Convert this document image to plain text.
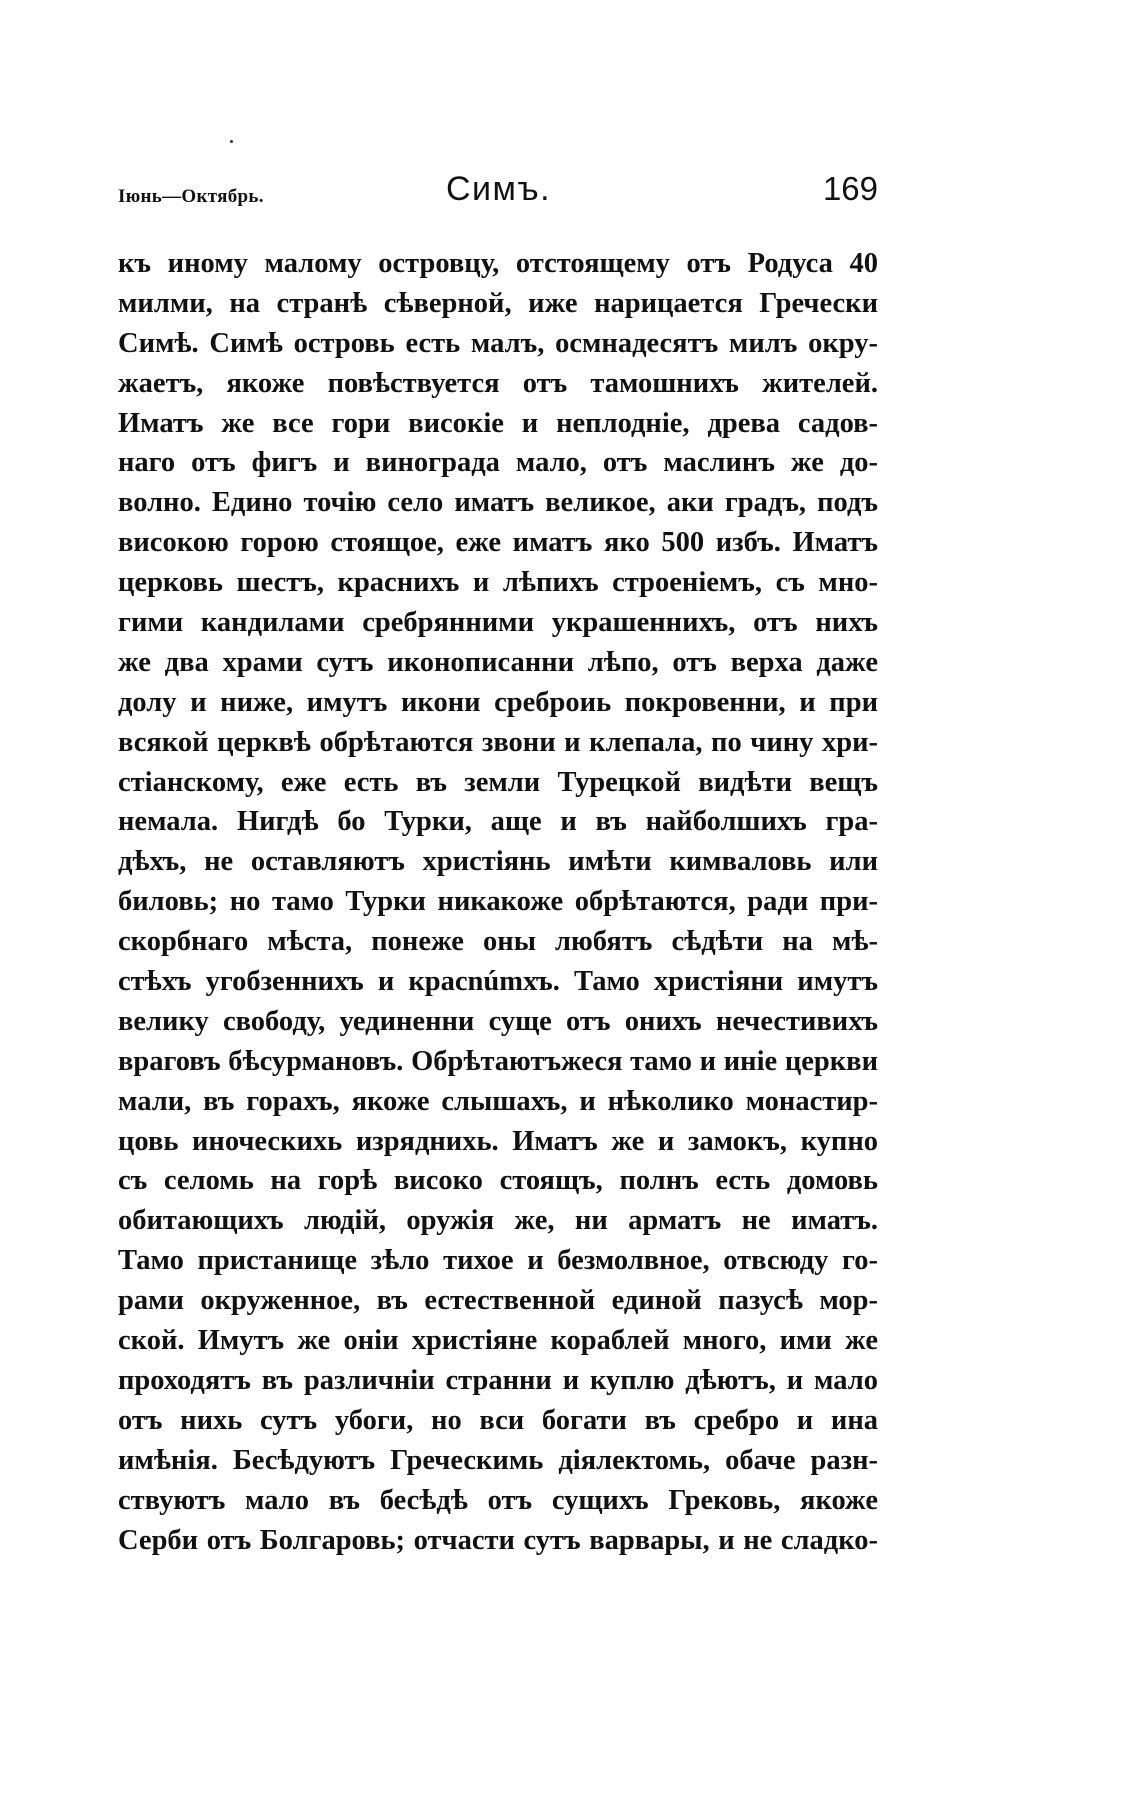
Іюнь—Октябрь.	Симъ.	169
къ иному малому островцу, отстоящему отъ Родуса 40
милми, на странѣ сѣверной, иже нарицается Гречески
Симѣ. Симѣ островь есть малъ, осмнадесятъ милъ окру-
жаетъ, якоже повѣствуется отъ тамошнихъ жителей.
Иматъ же все гори високіе и неплодніе, древа садов-
наго отъ фигъ и винограда мало, отъ маслинъ же до-
волно. Едино точію село иматъ великое, аки градъ, подъ
високою горою стоящое, еже иматъ яко 500 избъ. Иматъ
церковь шестъ, краснихъ и лѣпихъ строеніемъ, съ мно-
гими кандилами сребрянними украшеннихъ, отъ нихъ
же два храми сутъ иконописанни лѣпо, отъ верха даже
долу и ниже, имутъ икони среброиь покровенни, и при
всякой церквѣ обрѣтаются звони и клепала, по чину хри-
стіанскому, еже есть въ земли Турецкой видѣти вещъ
немала. Нигдѣ бо Турки, аще и въ найболшихъ гра-
дѣхъ, не оставляютъ христіянь имѣти кимваловь или
биловь; но тамо Турки никакоже обрѣтаются, ради при-
скорбнаго мѣста, понеже оны любятъ сѣдѣти на мѣ-
стѣхъ угобзеннихъ и красnúmхъ. Тамо христіяни имутъ
велику свободу, уединенни суще отъ онихъ нечестивихъ
враговъ бѣсурмановъ. Обрѣтаютъжеся тамо и иніе церкви
мали, въ горахъ, якоже слышахъ, и нѣколико монастир-
цовь иноческихь изряднихь. Иматъ же и замокъ, купно
съ селомь на горѣ високо стоящъ, полнъ есть домовь
обитающихъ людій, оружія же, ни арматъ не иматъ.
Тамо пристанище зѣло тихое и безмолвное, отвсюду го-
рами окруженное, въ естественной единой пазусѣ мор-
ской. Имутъ же оніи христіяне кораблей много, ими же
проходятъ въ различніи странни и куплю дѣютъ, и мало
отъ нихь сутъ убоги, но вси богати въ сребро и ина
имѣнія. Бесѣдуютъ Греческимь діялектомь, обаче разн-
ствуютъ мало въ бесѣдѣ отъ сущихъ Грековь, якоже
Серби отъ Болгаровь; отчасти сутъ варвары, и не сладко-
